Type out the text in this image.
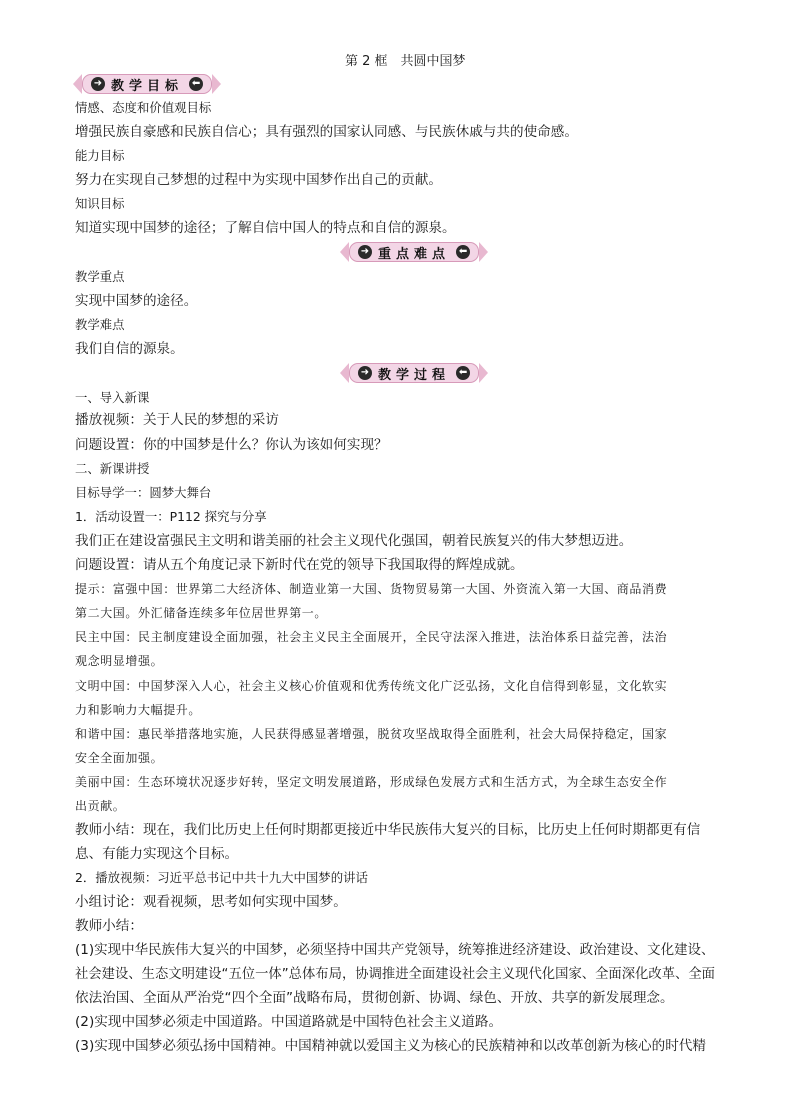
第 2 框　共圆中国梦
➜ 教学目标 ⬅
情感、态度和价值观目标
增强民族自豪感和民族自信心；具有强烈的国家认同感、与民族休戚与共的使命感。
能力目标
努力在实现自己梦想的过程中为实现中国梦作出自己的贡献。
知识目标
知道实现中国梦的途径；了解自信中国人的特点和自信的源泉。
➜ 重点难点 ⬅
教学重点
实现中国梦的途径。
教学难点
我们自信的源泉。
➜ 教学过程 ⬅
一、导入新课
播放视频：关于人民的梦想的采访
问题设置：你的中国梦是什么？你认为该如何实现？
二、新课讲授
目标导学一：圆梦大舞台
1．活动设置一：P112 探究与分享
我们正在建设富强民主文明和谐美丽的社会主义现代化强国，朝着民族复兴的伟大梦想迈进。
问题设置：请从五个角度记录下新时代在党的领导下我国取得的辉煌成就。
提示：富强中国：世界第二大经济体、制造业第一大国、货物贸易第一大国、外资流入第一大国、商品消费
第二大国。外汇储备连续多年位居世界第一。
民主中国：民主制度建设全面加强，社会主义民主全面展开，全民守法深入推进，法治体系日益完善，法治
观念明显增强。
文明中国：中国梦深入人心，社会主义核心价值观和优秀传统文化广泛弘扬，文化自信得到彰显，文化软实
力和影响力大幅提升。
和谐中国：惠民举措落地实施，人民获得感显著增强，脱贫攻坚战取得全面胜利，社会大局保持稳定，国家
安全全面加强。
美丽中国：生态环境状况逐步好转，坚定文明发展道路，形成绿色发展方式和生活方式，为全球生态安全作
出贡献。
教师小结：现在，我们比历史上任何时期都更接近中华民族伟大复兴的目标，比历史上任何时期都更有信
息、有能力实现这个目标。
2．播放视频：习近平总书记中共十九大中国梦的讲话
小组讨论：观看视频，思考如何实现中国梦。
教师小结：
(1)实现中华民族伟大复兴的中国梦，必须坚持中国共产党领导，统筹推进经济建设、政治建设、文化建设、
社会建设、生态文明建设“五位一体”总体布局，协调推进全面建设社会主义现代化国家、全面深化改革、全面
依法治国、全面从严治党“四个全面”战略布局，贯彻创新、协调、绿色、开放、共享的新发展理念。
(2)实现中国梦必须走中国道路。中国道路就是中国特色社会主义道路。
(3)实现中国梦必须弘扬中国精神。中国精神就以爱国主义为核心的民族精神和以改革创新为核心的时代精
